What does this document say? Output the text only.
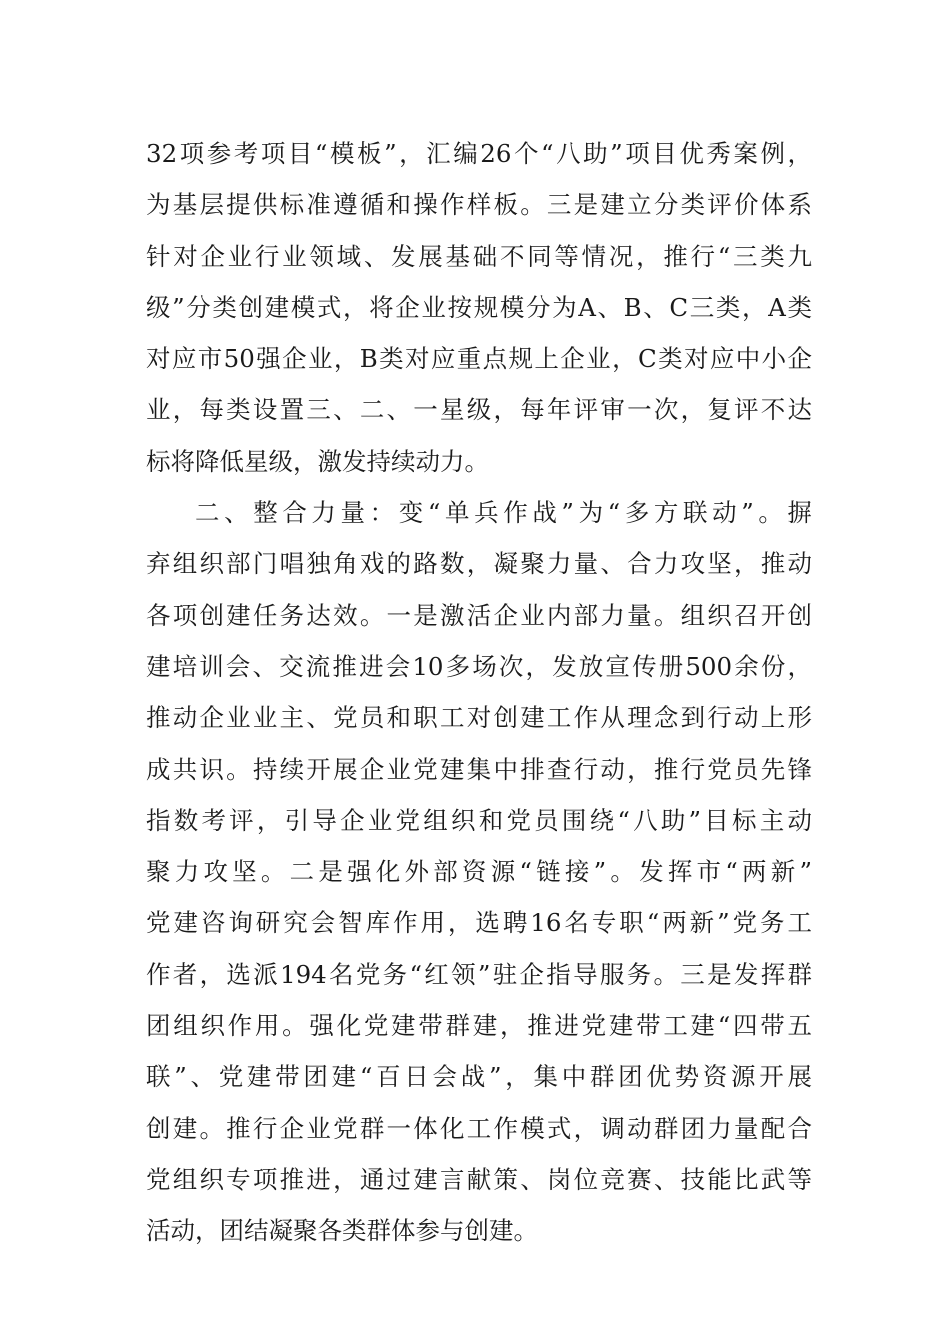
32项参考项目“模板”，汇编26个“八助”项目优秀案例，
为基层提供标准遵循和操作样板。三是建立分类评价体系
针对企业行业领域、发展基础不同等情况，推行“三类九
级”分类创建模式，将企业按规模分为A、B、C三类，A类
对应市50强企业，B类对应重点规上企业，C类对应中小企
业，每类设置三、二、一星级，每年评审一次，复评不达
标将降低星级，激发持续动力。
二、整合力量：变“单兵作战”为“多方联动”。摒
弃组织部门唱独角戏的路数，凝聚力量、合力攻坚，推动
各项创建任务达效。一是激活企业内部力量。组织召开创
建培训会、交流推进会10多场次，发放宣传册500余份，
推动企业业主、党员和职工对创建工作从理念到行动上形
成共识。持续开展企业党建集中排查行动，推行党员先锋
指数考评，引导企业党组织和党员围绕“八助”目标主动
聚力攻坚。二是强化外部资源“链接”。发挥市“两新”
党建咨询研究会智库作用，选聘16名专职“两新”党务工
作者，选派194名党务“红领”驻企指导服务。三是发挥群
团组织作用。强化党建带群建，推进党建带工建“四带五
联”、党建带团建“百日会战”，集中群团优势资源开展
创建。推行企业党群一体化工作模式，调动群团力量配合
党组织专项推进，通过建言献策、岗位竞赛、技能比武等
活动，团结凝聚各类群体参与创建。
